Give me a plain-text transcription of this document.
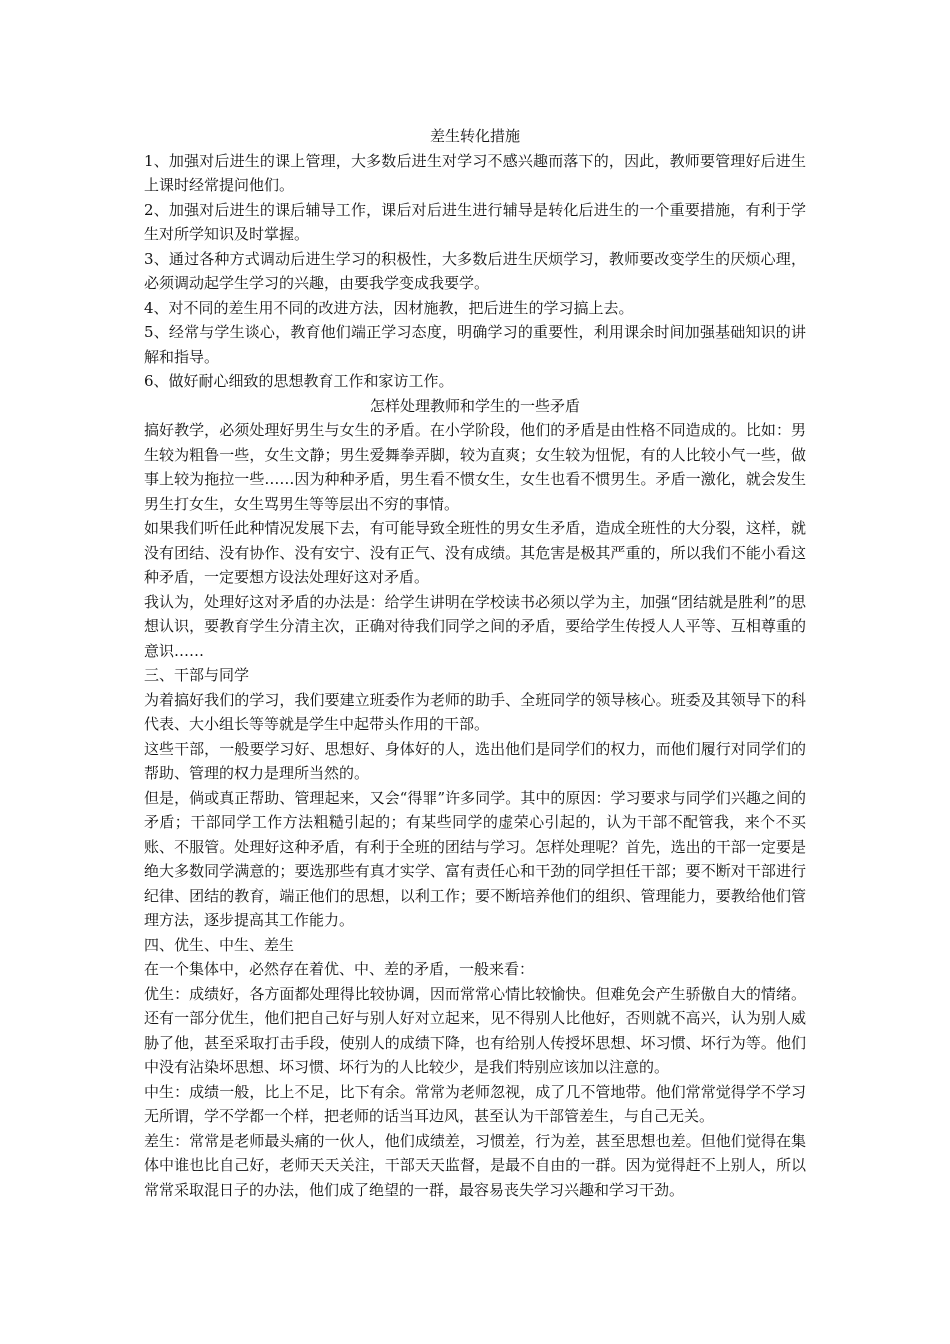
差生转化措施

1、加强对后进生的课上管理，大多数后进生对学习不感兴趣而落下的，因此，教师要管理好后进生上课时经常提问他们。

2、加强对后进生的课后辅导工作，课后对后进生进行辅导是转化后进生的一个重要措施，有利于学生对所学知识及时掌握。

3、通过各种方式调动后进生学习的积极性，大多数后进生厌烦学习，教师要改变学生的厌烦心理，必须调动起学生学习的兴趣，由要我学变成我要学。

4、对不同的差生用不同的改进方法，因材施教，把后进生的学习搞上去。

5、经常与学生谈心，教育他们端正学习态度，明确学习的重要性，利用课余时间加强基础知识的讲解和指导。

6、做好耐心细致的思想教育工作和家访工作。

怎样处理教师和学生的一些矛盾

搞好教学，必须处理好男生与女生的矛盾。在小学阶段，他们的矛盾是由性格不同造成的。比如：男生较为粗鲁一些，女生文静；男生爱舞拳弄脚，较为直爽；女生较为忸怩，有的人比较小气一些，做事上较为拖拉一些……因为种种矛盾，男生看不惯女生，女生也看不惯男生。矛盾一激化，就会发生男生打女生，女生骂男生等等层出不穷的事情。

如果我们听任此种情况发展下去，有可能导致全班性的男女生矛盾，造成全班性的大分裂，这样，就没有团结、没有协作、没有安宁、没有正气、没有成绩。其危害是极其严重的，所以我们不能小看这种矛盾，一定要想方设法处理好这对矛盾。

我认为，处理好这对矛盾的办法是：给学生讲明在学校读书必须以学为主，加强“团结就是胜利”的思想认识，要教育学生分清主次，正确对待我们同学之间的矛盾，要给学生传授人人平等、互相尊重的意识……

三、干部与同学

为着搞好我们的学习，我们要建立班委作为老师的助手、全班同学的领导核心。班委及其领导下的科代表、大小组长等等就是学生中起带头作用的干部。

这些干部，一般要学习好、思想好、身体好的人，选出他们是同学们的权力，而他们履行对同学们的帮助、管理的权力是理所当然的。

但是，倘或真正帮助、管理起来，又会“得罪”许多同学。其中的原因：学习要求与同学们兴趣之间的矛盾；干部同学工作方法粗糙引起的；有某些同学的虚荣心引起的，认为干部不配管我，来个不买账、不服管。处理好这种矛盾，有利于全班的团结与学习。怎样处理呢？首先，选出的干部一定要是绝大多数同学满意的；要选那些有真才实学、富有责任心和干劲的同学担任干部；要不断对干部进行纪律、团结的教育，端正他们的思想，以利工作；要不断培养他们的组织、管理能力，要教给他们管理方法，逐步提高其工作能力。

四、优生、中生、差生

在一个集体中，必然存在着优、中、差的矛盾，一般来看：

优生：成绩好，各方面都处理得比较协调，因而常常心情比较愉快。但难免会产生骄傲自大的情绪。还有一部分优生，他们把自己好与别人好对立起来，见不得别人比他好，否则就不高兴，认为别人威胁了他，甚至采取打击手段，使别人的成绩下降，也有给别人传授坏思想、坏习惯、坏行为等。他们中没有沾染坏思想、坏习惯、坏行为的人比较少，是我们特别应该加以注意的。

中生：成绩一般，比上不足，比下有余。常常为老师忽视，成了几不管地带。他们常常觉得学不学习无所谓，学不学都一个样，把老师的话当耳边风，甚至认为干部管差生，与自己无关。

差生：常常是老师最头痛的一伙人，他们成绩差，习惯差，行为差，甚至思想也差。但他们觉得在集体中谁也比自己好，老师天天关注，干部天天监督，是最不自由的一群。因为觉得赶不上别人，所以常常采取混日子的办法，他们成了绝望的一群，最容易丧失学习兴趣和学习干劲。
